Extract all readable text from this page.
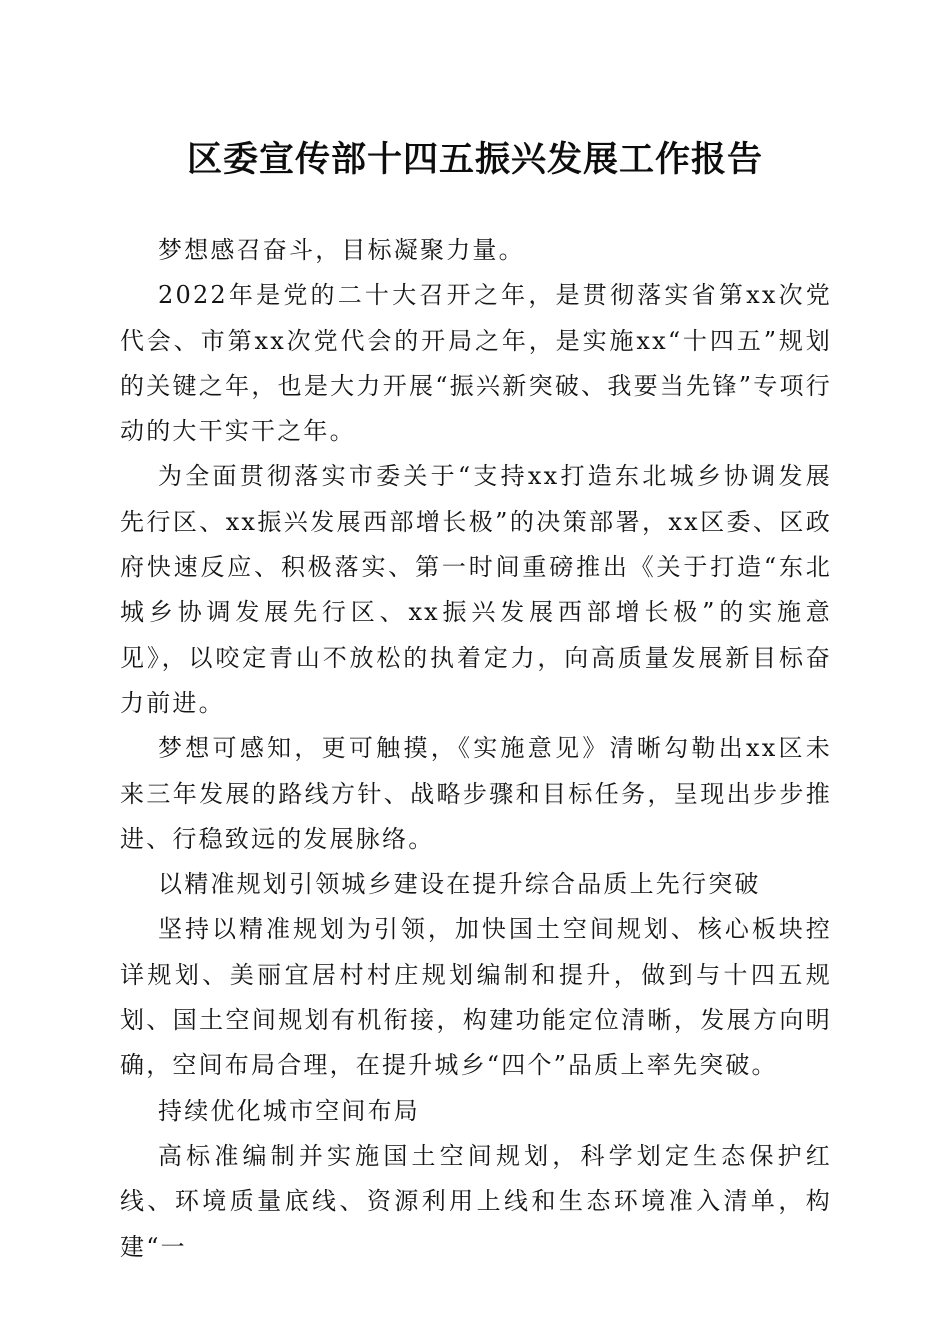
区委宣传部十四五振兴发展工作报告

梦想感召奋斗，目标凝聚力量。

2022年是党的二十大召开之年，是贯彻落实省第xx次党代会、市第xx次党代会的开局之年，是实施xx“十四五”规划的关键之年，也是大力开展“振兴新突破、我要当先锋”专项行动的大干实干之年。

为全面贯彻落实市委关于“支持xx打造东北城乡协调发展先行区、xx振兴发展西部增长极”的决策部署，xx区委、区政府快速反应、积极落实、第一时间重磅推出《关于打造“东北城乡协调发展先行区、xx振兴发展西部增长极”的实施意见》，以咬定青山不放松的执着定力，向高质量发展新目标奋力前进。

梦想可感知，更可触摸，《实施意见》清晰勾勒出xx区未来三年发展的路线方针、战略步骤和目标任务，呈现出步步推进、行稳致远的发展脉络。

以精准规划引领城乡建设在提升综合品质上先行突破

坚持以精准规划为引领，加快国土空间规划、核心板块控详规划、美丽宜居村村庄规划编制和提升，做到与十四五规划、国土空间规划有机衔接，构建功能定位清晰，发展方向明确，空间布局合理，在提升城乡“四个”品质上率先突破。

持续优化城市空间布局

高标准编制并实施国土空间规划，科学划定生态保护红线、环境质量底线、资源利用上线和生态环境准入清单，构建“一
